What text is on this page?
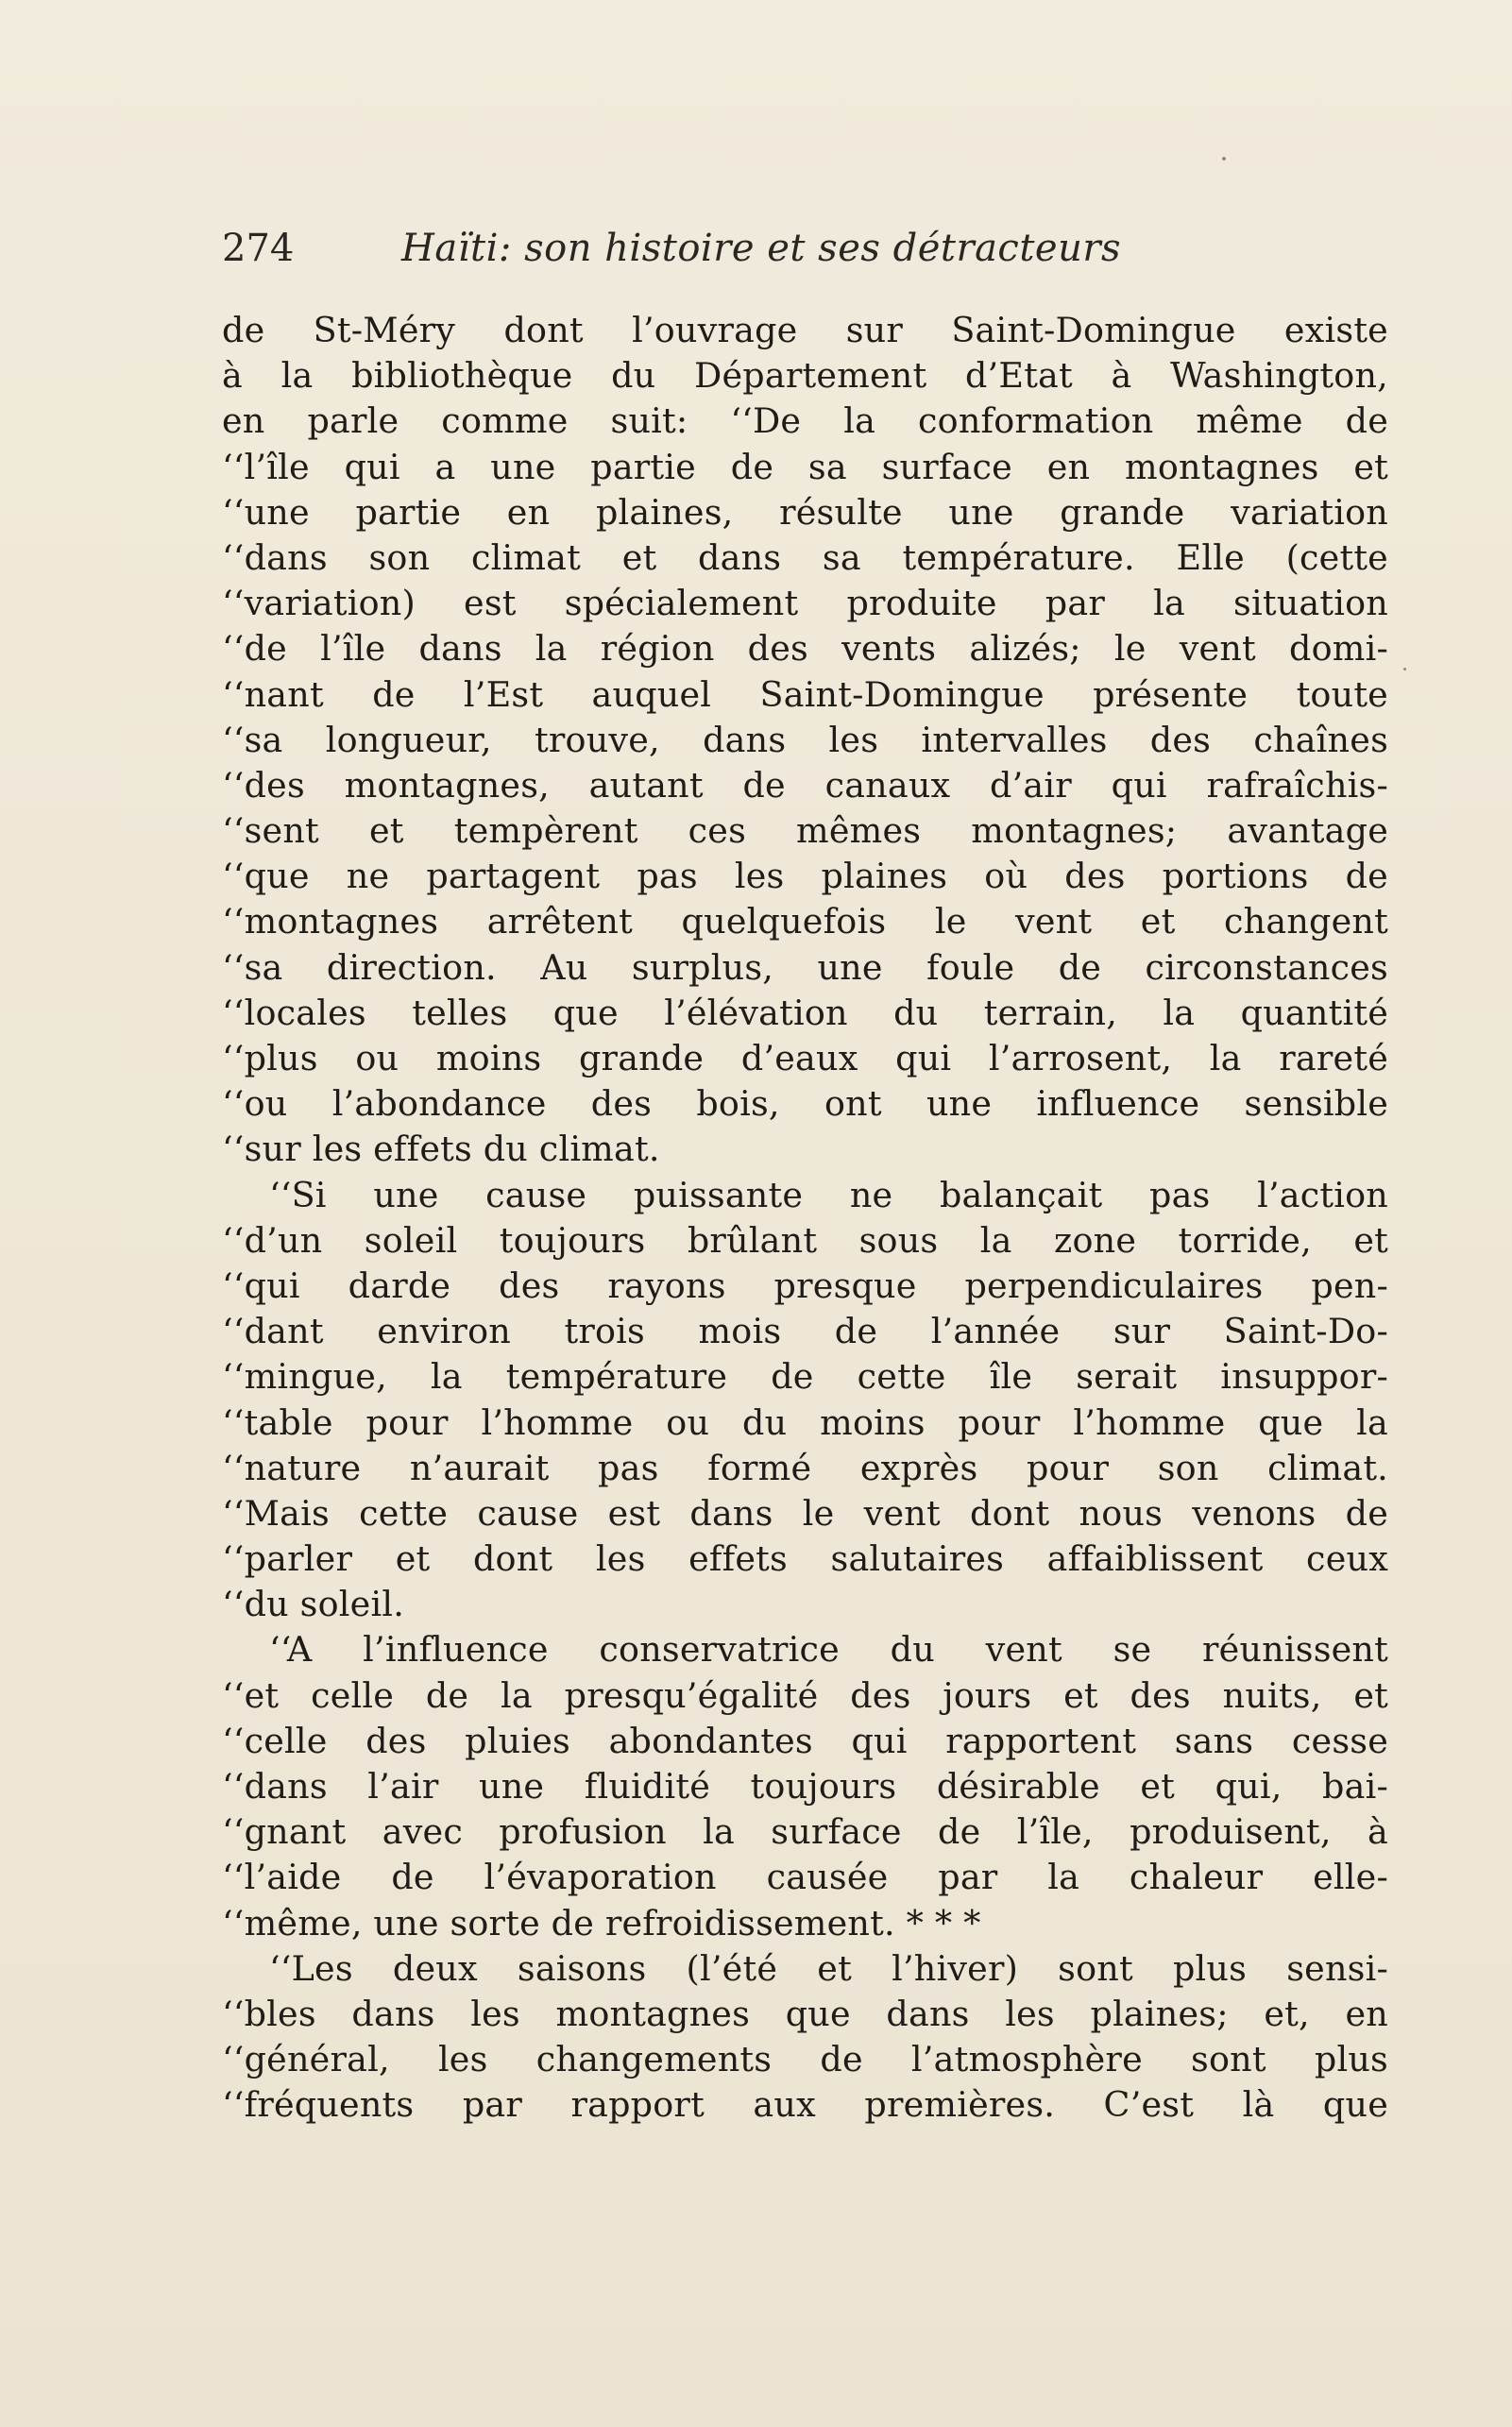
274	Haïti: son histoire et ses détracteurs
de St-Méry dont l’ouvrage sur Saint-Domingue existe
à la bibliothèque du Département d’Etat à Washington,
en parle comme suit: ‘‘De la conformation même de
‘‘l’île qui a une partie de sa surface en montagnes et
‘‘une partie en plaines, résulte une grande variation
‘‘dans son climat et dans sa température. Elle (cette
‘‘variation) est spécialement produite par la situation
‘‘de l’île dans la région des vents alizés; le vent domi-
‘‘nant de l’Est auquel Saint-Domingue présente toute
‘‘sa longueur, trouve, dans les intervalles des chaînes
‘‘des montagnes, autant de canaux d’air qui rafraîchis-
‘‘sent et tempèrent ces mêmes montagnes; avantage
‘‘que ne partagent pas les plaines où des portions de
‘‘montagnes arrêtent quelquefois le vent et changent
‘‘sa direction. Au surplus, une foule de circonstances
‘‘locales telles que l’élévation du terrain, la quantité
‘‘plus ou moins grande d’eaux qui l’arrosent, la rareté
‘‘ou l’abondance des bois, ont une influence sensible
‘‘sur les effets du climat.
‘‘Si une cause puissante ne balançait pas l’action
‘‘d’un soleil toujours brûlant sous la zone torride, et
‘‘qui darde des rayons presque perpendiculaires pen-
‘‘dant environ trois mois de l’année sur Saint-Do-
‘‘mingue, la température de cette île serait insuppor-
‘‘table pour l’homme ou du moins pour l’homme que la
‘‘nature n’aurait pas formé exprès pour son climat.
‘‘Mais cette cause est dans le vent dont nous venons de
‘‘parler et dont les effets salutaires affaiblissent ceux
‘‘du soleil.
‘‘A l’influence conservatrice du vent se réunissent
‘‘et celle de la presqu’égalité des jours et des nuits, et
‘‘celle des pluies abondantes qui rapportent sans cesse
‘‘dans l’air une fluidité toujours désirable et qui, bai-
‘‘gnant avec profusion la surface de l’île, produisent, à
‘‘l’aide de l’évaporation causée par la chaleur elle-
‘‘même, une sorte de refroidissement. * * *
‘‘Les deux saisons (l’été et l’hiver) sont plus sensi-
‘‘bles dans les montagnes que dans les plaines; et, en
‘‘général, les changements de l’atmosphère sont plus
‘‘fréquents par rapport aux premières. C’est là que
